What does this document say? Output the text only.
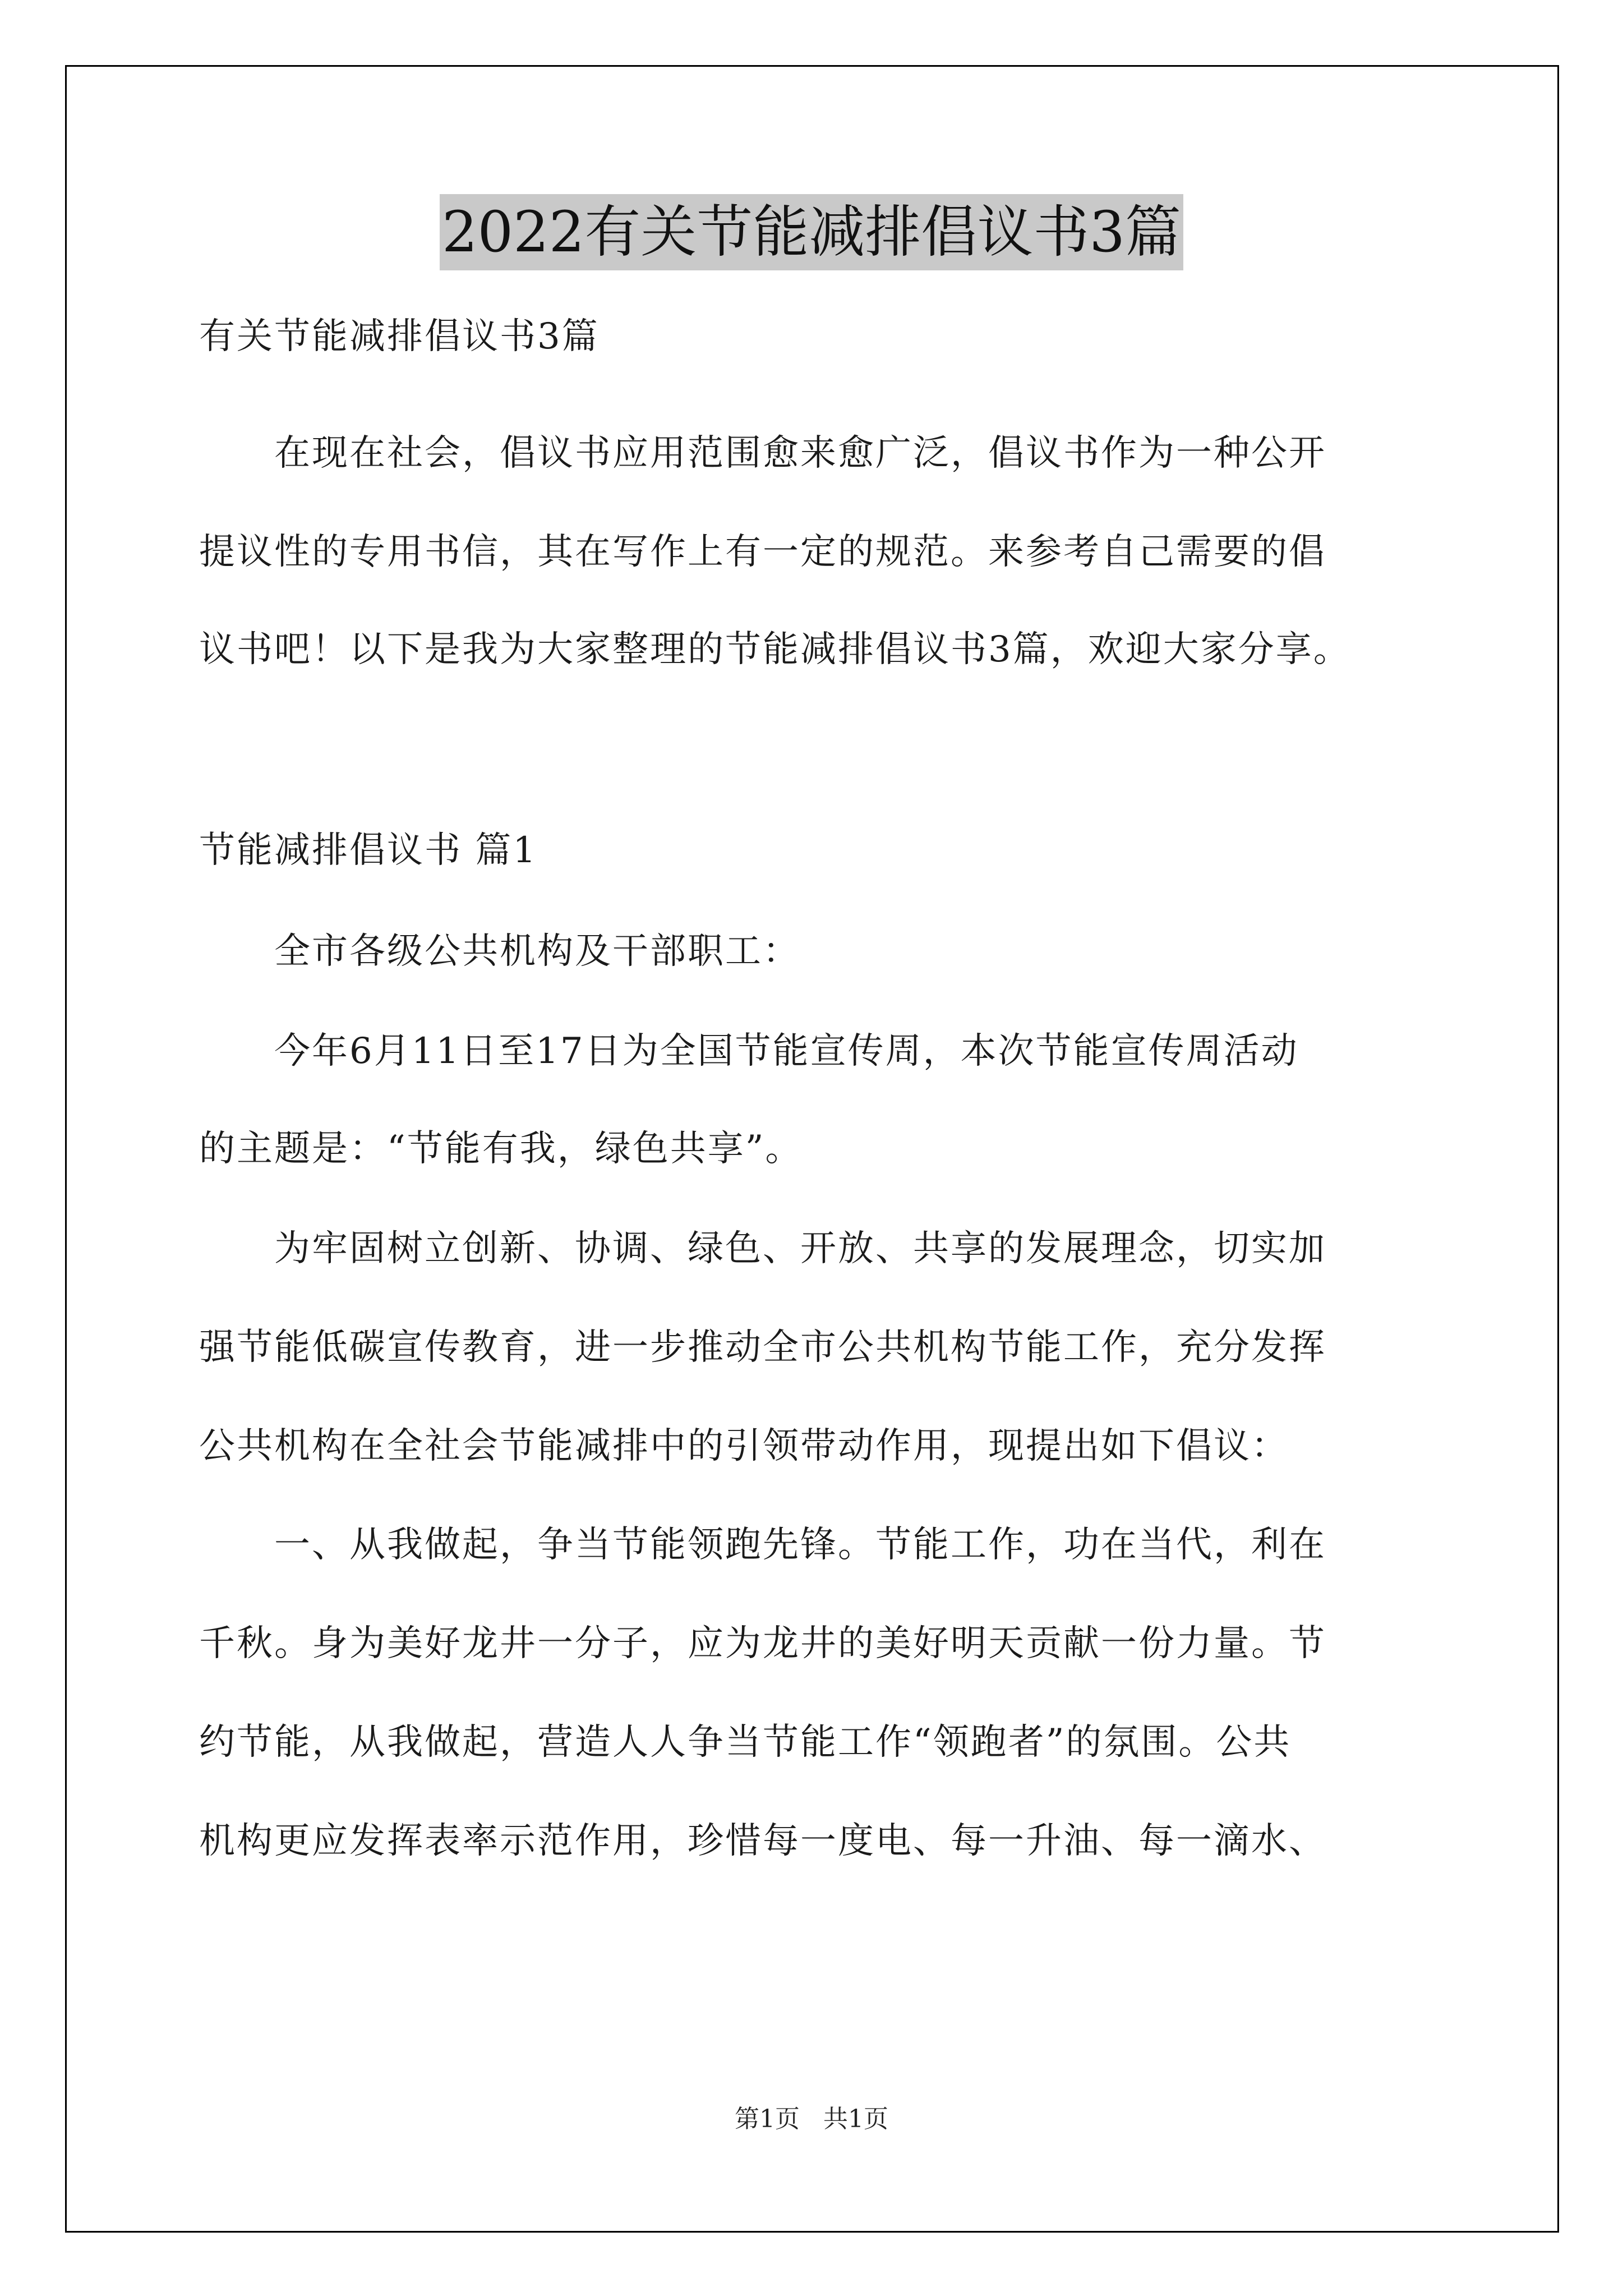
2022有关节能减排倡议书3篇

有关节能减排倡议书3篇

　　在现在社会，倡议书应用范围愈来愈广泛，倡议书作为一种公开

提议性的专用书信，其在写作上有一定的规范。来参考自己需要的倡

议书吧！以下是我为大家整理的节能减排倡议书3篇，欢迎大家分享。

节能减排倡议书 篇1

　　全市各级公共机构及干部职工：

　　今年6月11日至17日为全国节能宣传周，本次节能宣传周活动

的主题是：“节能有我，绿色共享”。

　　为牢固树立创新、协调、绿色、开放、共享的发展理念，切实加

强节能低碳宣传教育，进一步推动全市公共机构节能工作，充分发挥

公共机构在全社会节能减排中的引领带动作用，现提出如下倡议：

　　一、从我做起，争当节能领跑先锋。节能工作，功在当代，利在

千秋。身为美好龙井一分子，应为龙井的美好明天贡献一份力量。节

约节能，从我做起，营造人人争当节能工作“领跑者”的氛围。公共

机构更应发挥表率示范作用，珍惜每一度电、每一升油、每一滴水、

第1页 共1页
